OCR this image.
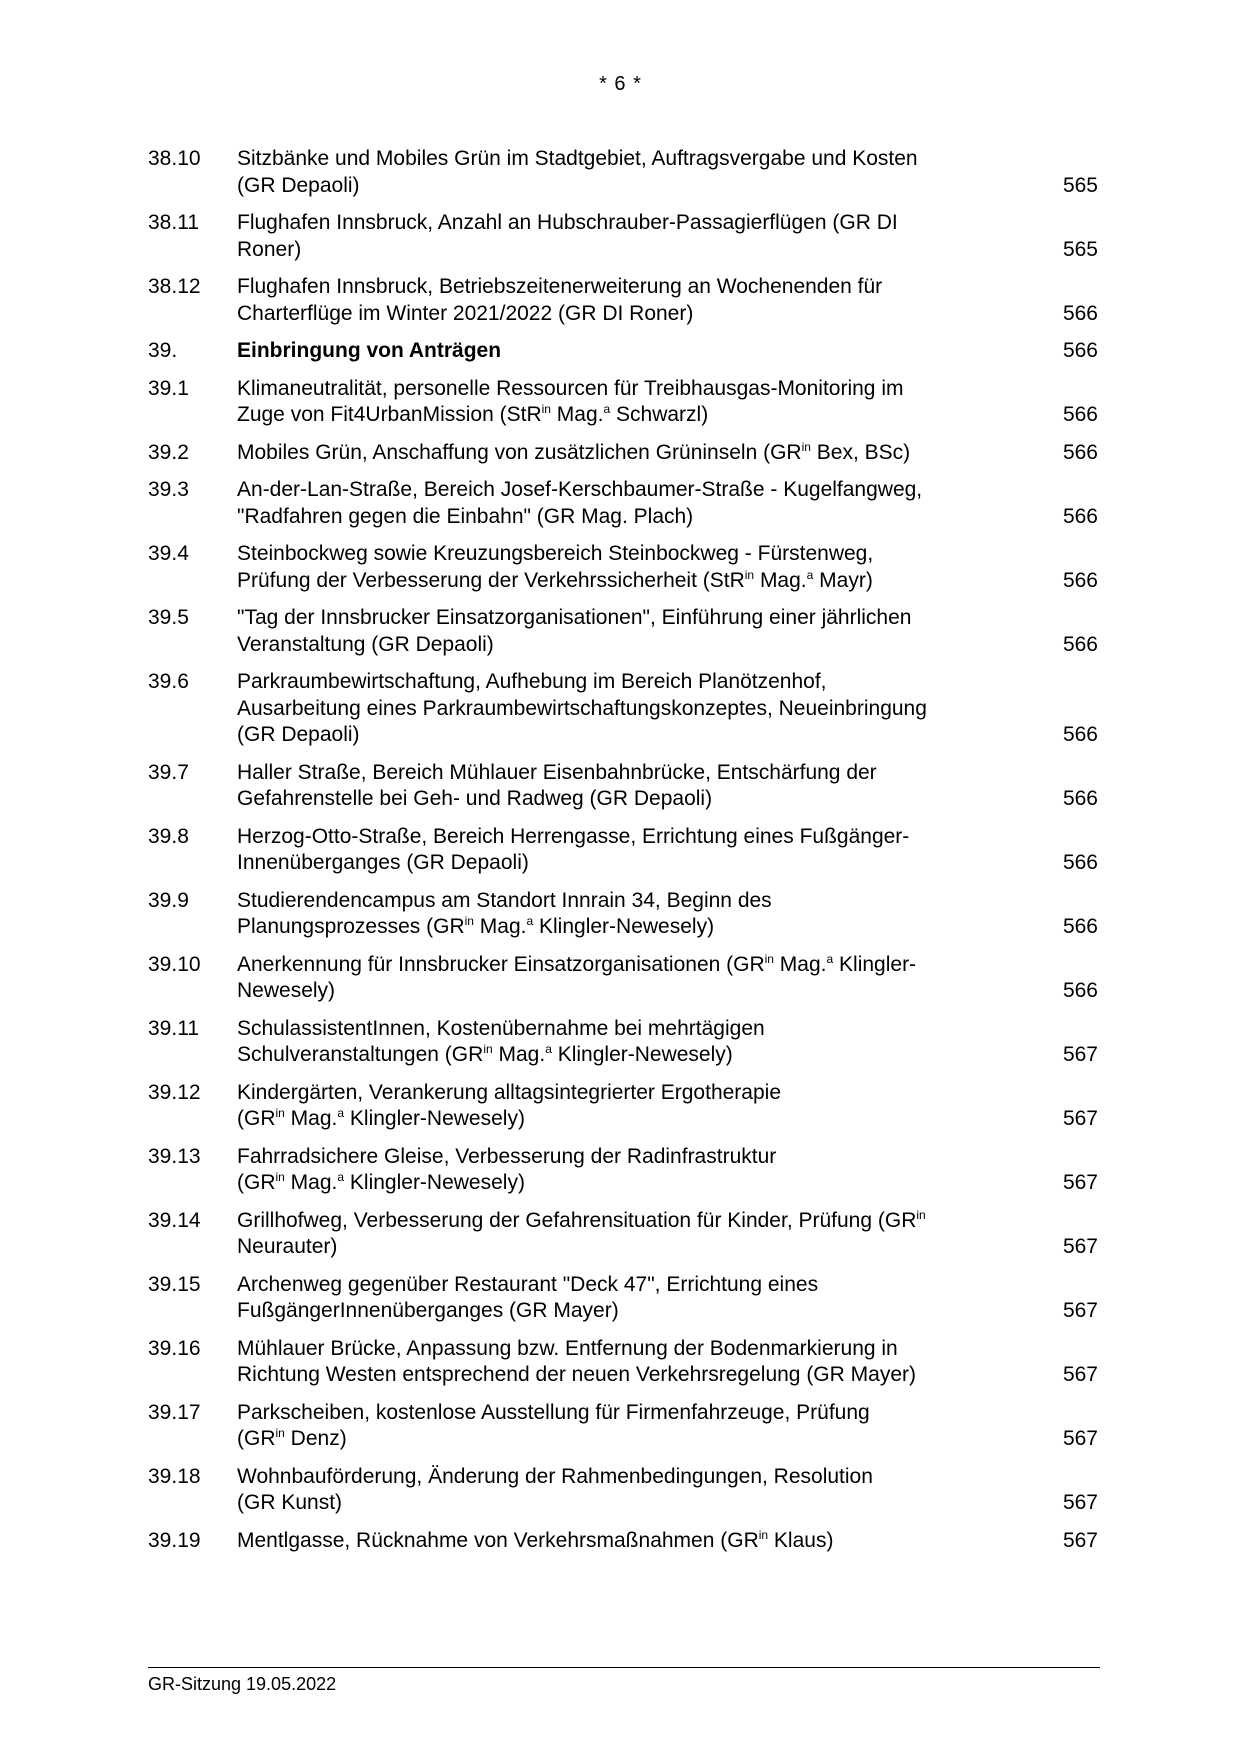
* 6 *
38.10	Sitzbänke und Mobiles Grün im Stadtgebiet, Auftragsvergabe und Kosten
(GR Depaoli)	565
38.11	Flughafen Innsbruck, Anzahl an Hubschrauber-Passagierflügen (GR DI
Roner)	565
38.12	Flughafen Innsbruck, Betriebszeitenerweiterung an Wochenenden für
Charterflüge im Winter 2021/2022 (GR DI Roner)	566
39.	Einbringung von Anträgen	566
39.1	Klimaneutralität, personelle Ressourcen für Treibhausgas-Monitoring im
Zuge von Fit4UrbanMission (StR$^{in}$ Mag.$^a$ Schwarzl)	566
39.2	Mobiles Grün, Anschaffung von zusätzlichen Grüninseln ($GR^{in}$ Bex, BSc)	566
39.3	An-der-Lan-Straße, Bereich Josef-Kerschbaumer-Straße - Kugelfangweg,
"Radfahren gegen die Einbahn" (GR Mag. Plach)	566
39.4	Steinbockweg sowie Kreuzungsbereich Steinbockweg - Fürstenweg,
Prüfung der Verbesserung der Verkehrssicherheit (StR$^{in}$ Mag.$^a$ Mayr)	566
39.5	"Tag der Innsbrucker Einsatzorganisationen", Einführung einer jährlichen
Veranstaltung (GR Depaoli)	566
39.6	Parkraumbewirtschaftung, Aufhebung im Bereich Planötzenhof,
Ausarbeitung eines Parkraumbewirtschaftungskonzeptes, Neueinbringung
(GR Depaoli)	566
39.7	Haller Straße, Bereich Mühlauer Eisenbahnbrücke, Entschärfung der
Gefahrenstelle bei Geh- und Radweg (GR Depaoli)	566
39.8	Herzog-Otto-Straße, Bereich Herrengasse, Errichtung eines Fußgänger-
Innenüberganges (GR Depaoli)	566
39.9	Studierendencampus am Standort Innrain 34, Beginn des
Planungsprozesses ($GR^{in}$ Mag.$^a$ Klingler-Newesely)	566
39.10	Anerkennung für Innsbrucker Einsatzorganisationen ($GR^{in}$ Mag.$^a$ Klingler-
Newesely)	566
39.11	SchulassistentInnen, Kostenübernahme bei mehrtägigen
Schulveranstaltungen ($GR^{in}$ Mag.$^a$ Klingler-Newesely)	567
39.12	Kindergärten, Verankerung alltagsintegrierter Ergotherapie
($GR^{in}$ Mag.$^a$ Klingler-Newesely)	567
39.13	Fahrradsichere Gleise, Verbesserung der Radinfrastruktur
($GR^{in}$ Mag.$^a$ Klingler-Newesely)	567
39.14	Grillhofweg, Verbesserung der Gefahrensituation für Kinder, Prüfung ($GR^{in}$
Neurauter)	567
39.15	Archenweg gegenüber Restaurant "Deck 47", Errichtung eines
FußgängerInnenüberganges (GR Mayer)	567
39.16	Mühlauer Brücke, Anpassung bzw. Entfernung der Bodenmarkierung in
Richtung Westen entsprechend der neuen Verkehrsregelung (GR Mayer)	567
39.17	Parkscheiben, kostenlose Ausstellung für Firmenfahrzeuge, Prüfung
($GR^{in}$ Denz)	567
39.18	Wohnbauförderung, Änderung der Rahmenbedingungen, Resolution
(GR Kunst)	567
39.19	Mentlgasse, Rücknahme von Verkehrsmaßnahmen ($GR^{in}$ Klaus)	567
GR-Sitzung 19.05.2022
